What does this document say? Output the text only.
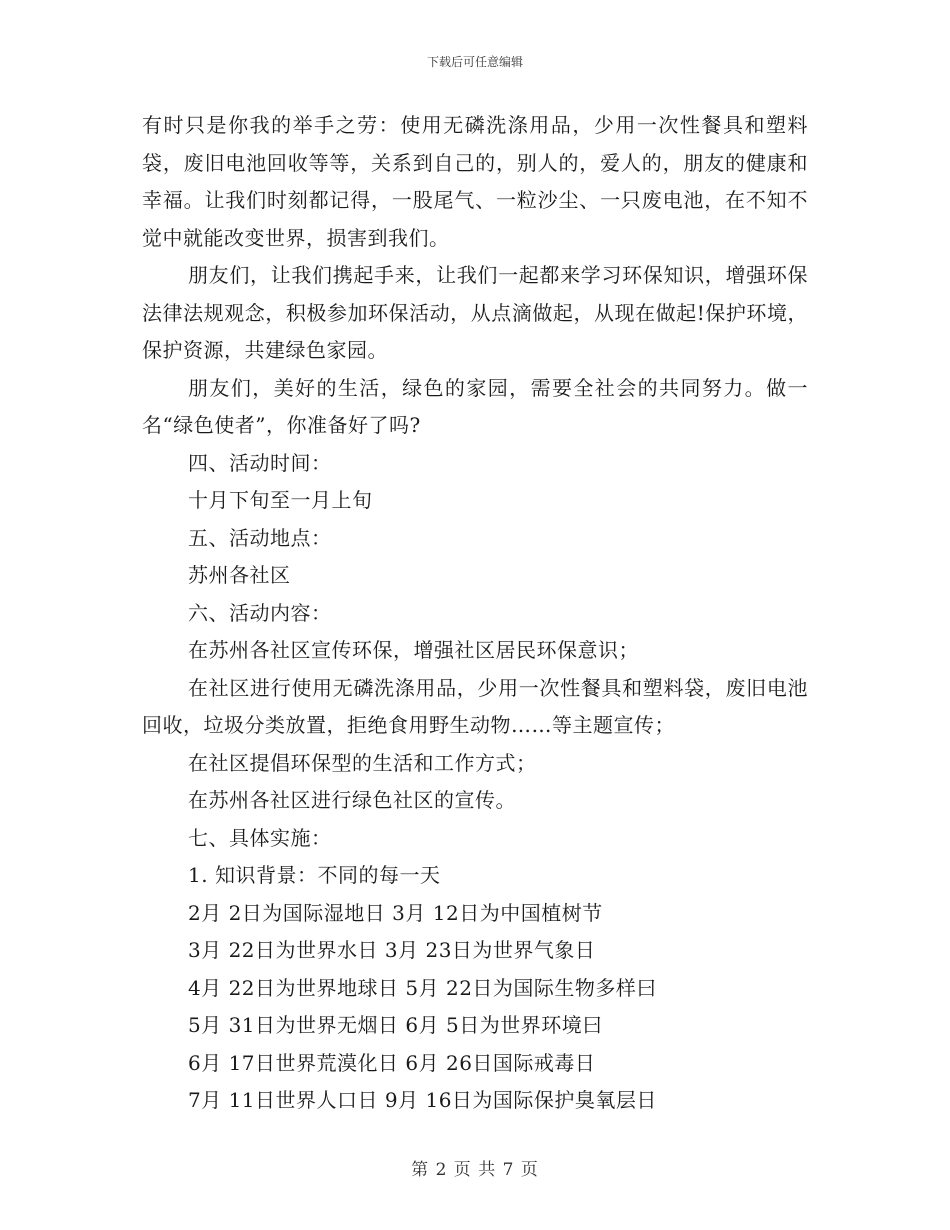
下载后可任意编辑

有时只是你我的举手之劳：使用无磷洗涤用品，少用一次性餐具和塑料袋，废旧电池回收等等，关系到自己的，别人的，爱人的，朋友的健康和幸福。让我们时刻都记得，一股尾气、一粒沙尘、一只废电池，在不知不觉中就能改变世界，损害到我们。

朋友们，让我们携起手来，让我们一起都来学习环保知识，增强环保法律法规观念，积极参加环保活动，从点滴做起，从现在做起!保护环境，保护资源，共建绿色家园。

朋友们，美好的生活，绿色的家园，需要全社会的共同努力。做一名“绿色使者”，你准备好了吗?

四、活动时间：

十月下旬至一月上旬

五、活动地点：

苏州各社区

六、活动内容：

在苏州各社区宣传环保，增强社区居民环保意识；

在社区进行使用无磷洗涤用品，少用一次性餐具和塑料袋，废旧电池回收，垃圾分类放置，拒绝食用野生动物……等主题宣传；

在社区提倡环保型的生活和工作方式；

在苏州各社区进行绿色社区的宣传。

七、具体实施：

1. 知识背景：不同的每一天

2月 2日为国际湿地日 3月 12日为中国植树节

3月 22日为世界水日 3月 23日为世界气象日

4月 22日为世界地球日 5月 22日为国际生物多样曰

5月 31日为世界无烟日 6月 5日为世界环境曰

6月 17日世界荒漠化日 6月 26日国际戒毒日

7月 11日世界人口日 9月 16日为国际保护臭氧层日

第 2 页 共 7 页
